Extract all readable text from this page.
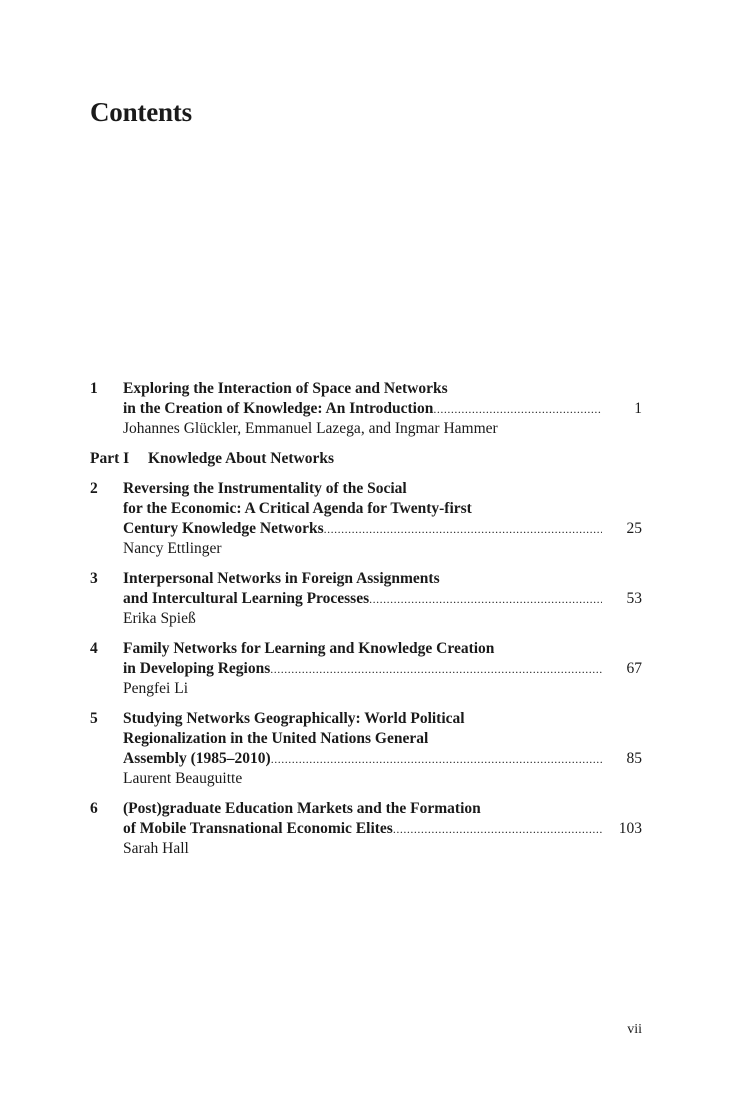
Contents
1	Exploring the Interaction of Space and Networks
in the Creation of Knowledge: An Introduction .....	1
Johannes Glückler, Emmanuel Lazega, and Ingmar Hammer
Part I Knowledge About Networks
2	Reversing the Instrumentality of the Social
for the Economic: A Critical Agenda for Twenty-first
Century Knowledge Networks .....	25
Nancy Ettlinger
3	Interpersonal Networks in Foreign Assignments
and Intercultural Learning Processes .....	53
Erika Spieß
4	Family Networks for Learning and Knowledge Creation
in Developing Regions .....	67
Pengfei Li
5	Studying Networks Geographically: World Political
Regionalization in the United Nations General
Assembly (1985–2010) .....	85
Laurent Beauguitte
6	(Post)graduate Education Markets and the Formation
of Mobile Transnational Economic Elites .....	103
Sarah Hall
vii
